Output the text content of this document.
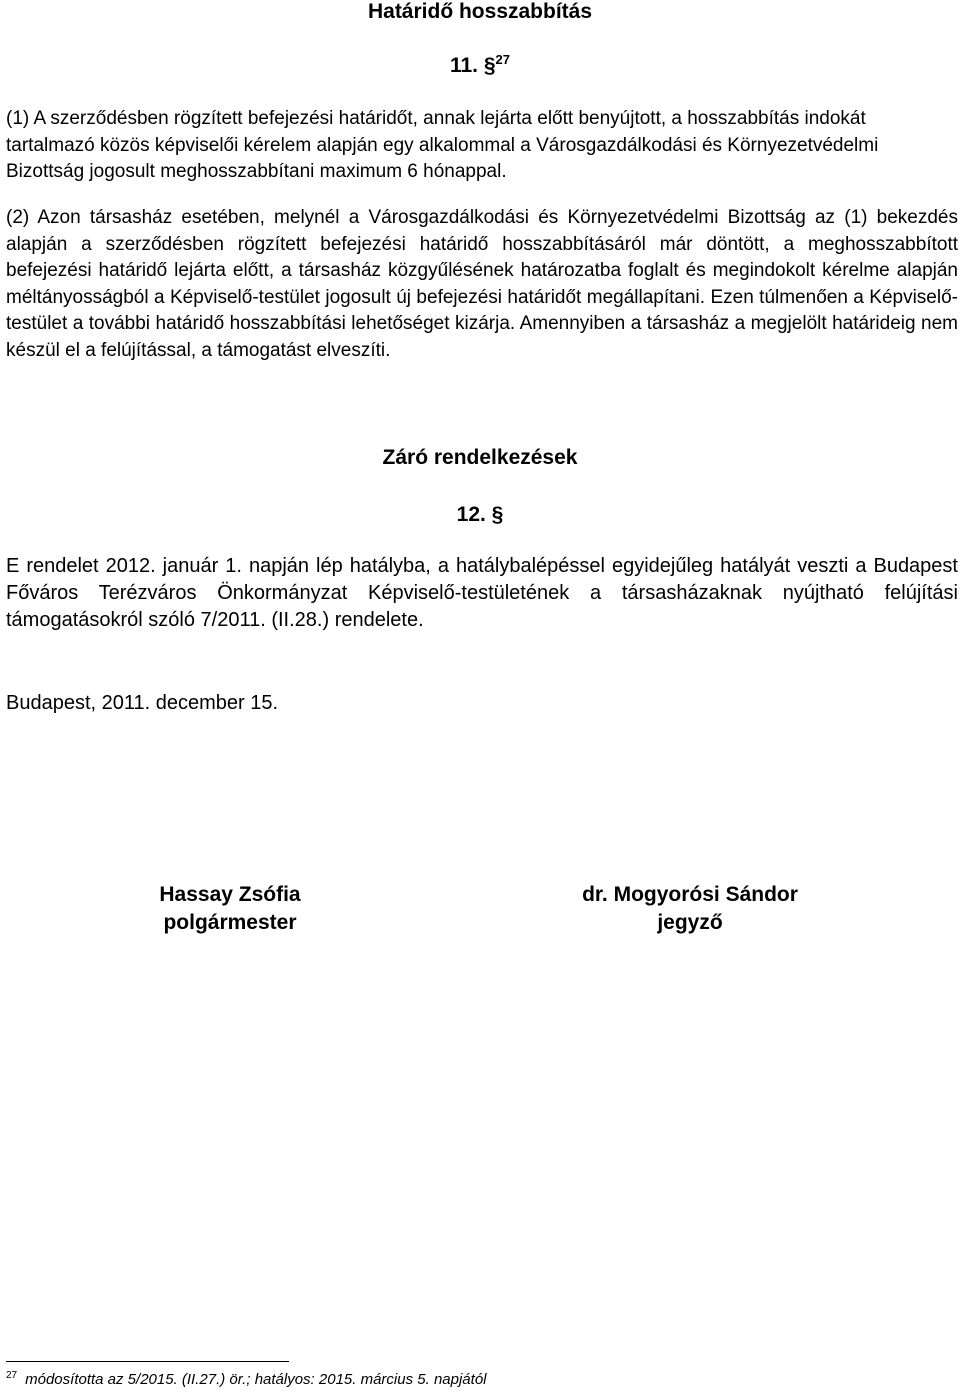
Határidő hosszabbítás
11. §$^{27}$

(1) A szerződésben rögzített befejezési határidőt, annak lejárta előtt benyújtott, a hosszabbítás indokát tartalmazó közös képviselői kérelem alapján egy alkalommal a Városgazdálkodási és Környezetvédelmi Bizottság jogosult meghosszabbítani maximum 6 hónappal.

(2) Azon társasház esetében, melynél a Városgazdálkodási és Környezetvédelmi Bizottság az (1) bekezdés alapján a szerződésben rögzített befejezési határidő hosszabbításáról már döntött, a meghosszabbított befejezési határidő lejárta előtt, a társasház közgyűlésének határozatba foglalt és megindokolt kérelme alapján méltányosságból a Képviselő-testület jogosult új befejezési határidőt megállapítani. Ezen túlmenően a Képviselő-testület a további határidő hosszabbítási lehetőséget kizárja. Amennyiben a társasház a megjelölt határideig nem készül el a felújítással, a támogatást elveszíti.

Záró rendelkezések
12. §

E rendelet 2012. január 1. napján lép hatályba, a hatálybalépéssel egyidejűleg hatályát veszti a Budapest Főváros Terézváros Önkormányzat Képviselő-testületének a társasházaknak nyújtható felújítási támogatásokról szóló 7/2011. (II.28.) rendelete.

Budapest, 2011. december 15.

Hassay Zsófia
polgármester
dr. Mogyorósi Sándor
jegyző
$^{27}$ módosította az 5/2015. (II.27.) ör.; hatályos: 2015. március 5. napjától
